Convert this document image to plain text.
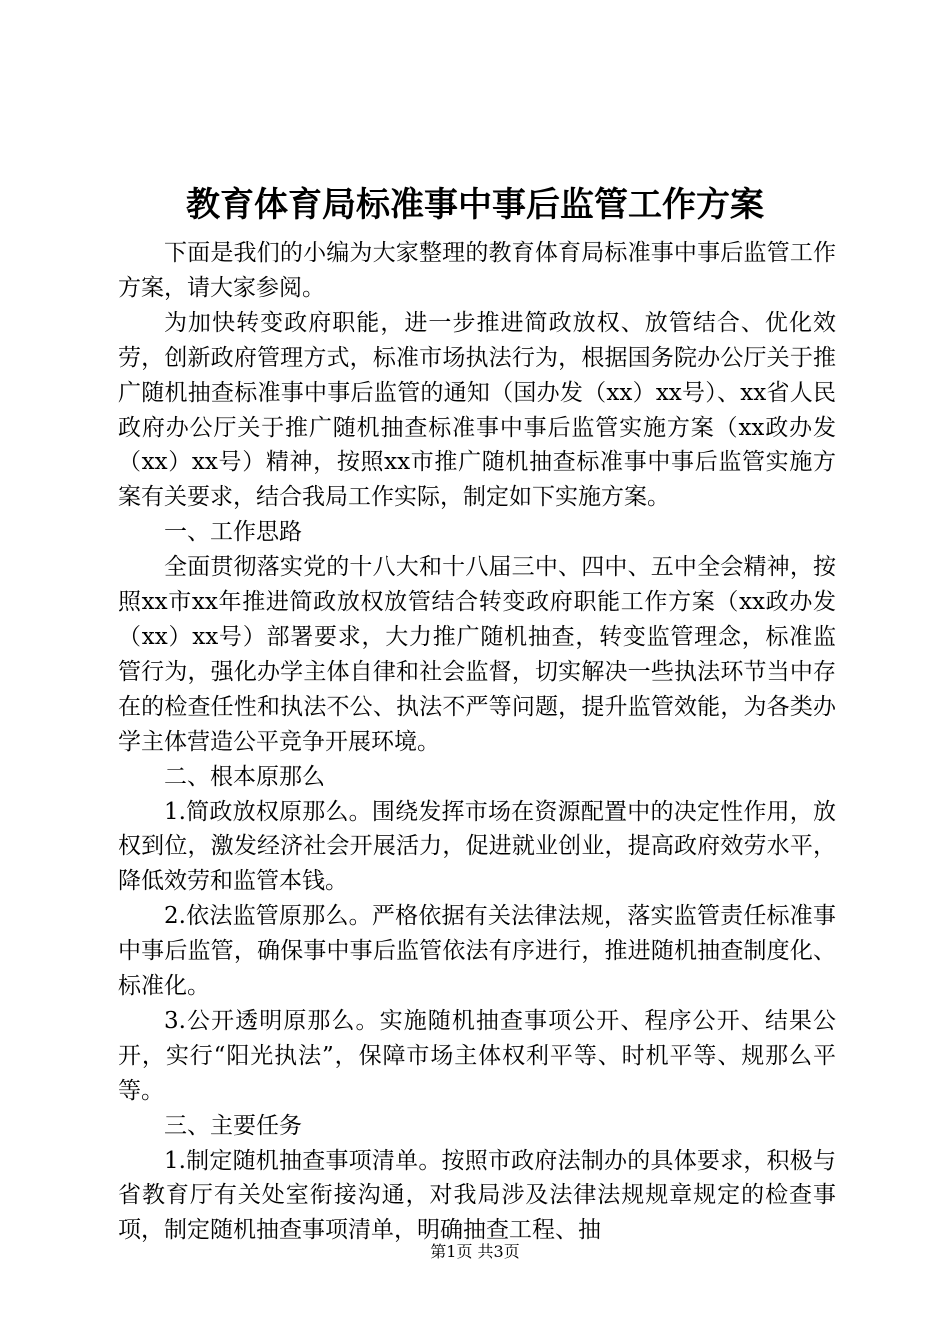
教育体育局标准事中事后监管工作方案

下面是我们的小编为大家整理的教育体育局标准事中事后监管工作方案，请大家参阅。

为加快转变政府职能，进一步推进简政放权、放管结合、优化效劳，创新政府管理方式，标准市场执法行为，根据国务院办公厅关于推广随机抽查标准事中事后监管的通知（国办发（xx）xx号）、xx省人民政府办公厅关于推广随机抽查标准事中事后监管实施方案（xx政办发（xx）xx号）精神，按照xx市推广随机抽查标准事中事后监管实施方案有关要求，结合我局工作实际，制定如下实施方案。

一、工作思路

全面贯彻落实党的十八大和十八届三中、四中、五中全会精神，按照xx市xx年推进简政放权放管结合转变政府职能工作方案（xx政办发（xx）xx号）部署要求，大力推广随机抽查，转变监管理念，标准监管行为，强化办学主体自律和社会监督，切实解决一些执法环节当中存在的检查任性和执法不公、执法不严等问题，提升监管效能，为各类办学主体营造公平竞争开展环境。

二、根本原那么

1.简政放权原那么。围绕发挥市场在资源配置中的决定性作用，放权到位，激发经济社会开展活力，促进就业创业，提高政府效劳水平，降低效劳和监管本钱。

2.依法监管原那么。严格依据有关法律法规，落实监管责任标准事中事后监管，确保事中事后监管依法有序进行，推进随机抽查制度化、标准化。

3.公开透明原那么。实施随机抽查事项公开、程序公开、结果公开，实行“阳光执法”，保障市场主体权利平等、时机平等、规那么平等。

三、主要任务

1.制定随机抽查事项清单。按照市政府法制办的具体要求，积极与省教育厅有关处室衔接沟通，对我局涉及法律法规规章规定的检查事项，制定随机抽查事项清单，明确抽查工程、抽

第1页 共3页
